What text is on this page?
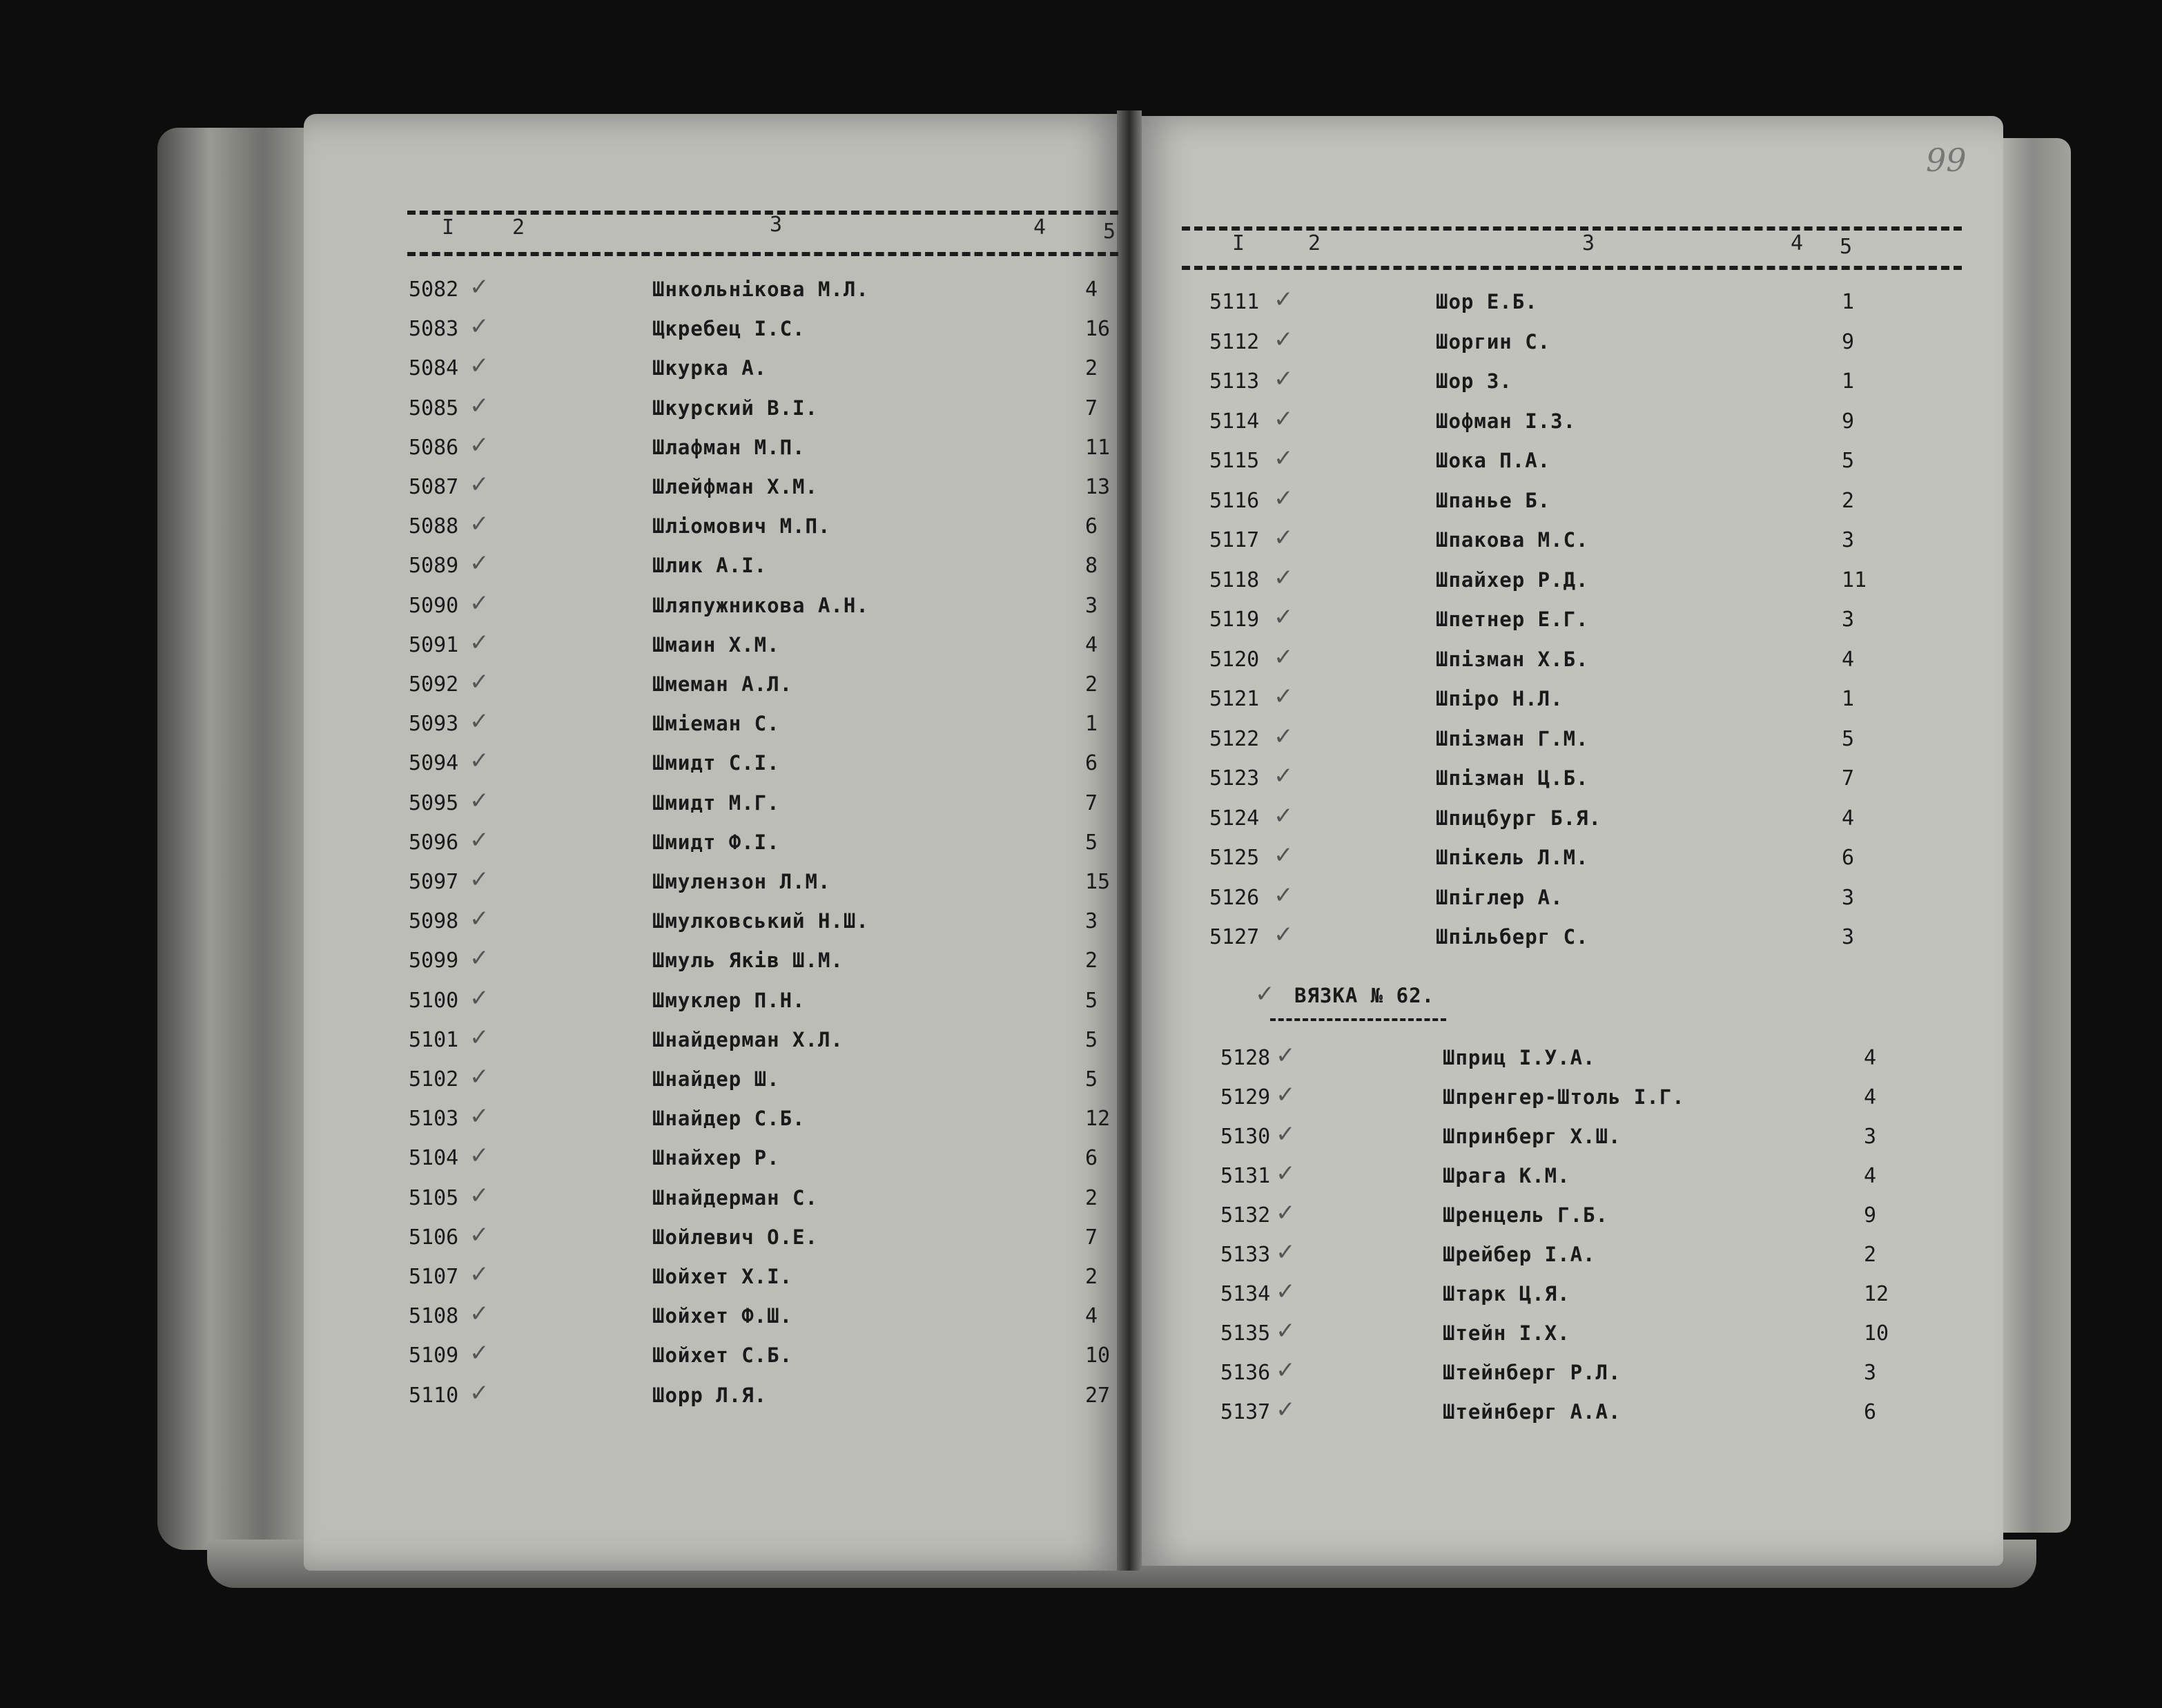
99
I	2	3	4	5	I	2	3	4 5
5082 ✓	Шнкольнікова М.Л.	4
5083 ✓	Щкребец І.С.	16
5084 ✓	Шкурка А.	2
5085 ✓	Шкурский В.І.	7
5086 ✓	Шлафман М.П.	11
5087 ✓	Шлейфман Х.М.	13
5088 ✓	Шліомович М.П.	6
5089 ✓	Шлик А.І.	8
5090 ✓	Шляпужникова А.Н.	3
5091 ✓	Шмаин Х.М.	4
5092 ✓	Шмеман А.Л.	2
5093 ✓	Шміеман С.	1
5094 ✓	Шмидт С.І.	6
5095 ✓	Шмидт М.Г.	7
5096 ✓	Шмидт Ф.І.	5
5097 ✓	Шмулензон Л.М.	15
5098 ✓	Шмулковський Н.Ш.	3
5099 ✓	Шмуль Яків Ш.М.	2
5100 ✓	Шмуклер П.Н.	5
5101 ✓	Шнайдерман Х.Л.	5
5102 ✓	Шнайдер Ш.	5
5103 ✓	Шнайдер С.Б.	12
5104 ✓	Шнайхер Р.	6
5105 ✓	Шнайдерман С.	2
5106 ✓	Шойлевич О.Е.	7
5107 ✓	Шойхет Х.І.	2
5108 ✓	Шойхет Ф.Ш.	4
5109 ✓	Шойхет С.Б.	10
5110 ✓	Шорр Л.Я.	27
5111 ✓	Шор Е.Б.	1
5112 ✓	Шоргин С.	9
5113 ✓	Шор З.	1
5114 ✓	Шофман І.З.	9
5115 ✓	Шока П.А.	5
5116 ✓	Шпанье Б.	2
5117 ✓	Шпакова М.С.	3
5118 ✓	Шпайхер Р.Д.	11
5119 ✓	Шпетнер Е.Г.	3
5120 ✓	Шпізман Х.Б.	4
5121 ✓	Шпіро Н.Л.	1
5122 ✓	Шпізман Г.М.	5
5123 ✓	Шпізман Ц.Б.	7
5124 ✓	Шпицбург Б.Я.	4
5125 ✓	Шпікель Л.М.	6
5126 ✓	Шпіглер А.	3
5127 ✓	Шпільберг С.	3
5128 ✓	Шприц І.У.А.	4
5129 ✓	Шпренгер-Штоль І.Г.	4
5130 ✓	Шпринберг Х.Ш.	3
5131 ✓	Шрага К.М.	4
5132 ✓	Шренцель Г.Б.	9
5133 ✓	Шрейбер І.А.	2
5134 ✓	Штарк Ц.Я.	12
5135 ✓	Штейн І.Х.	10
5136 ✓	Штейнберг Р.Л.	3
5137 ✓	Штейнберг А.А.	6
✓ ВЯЗКА № 62.
